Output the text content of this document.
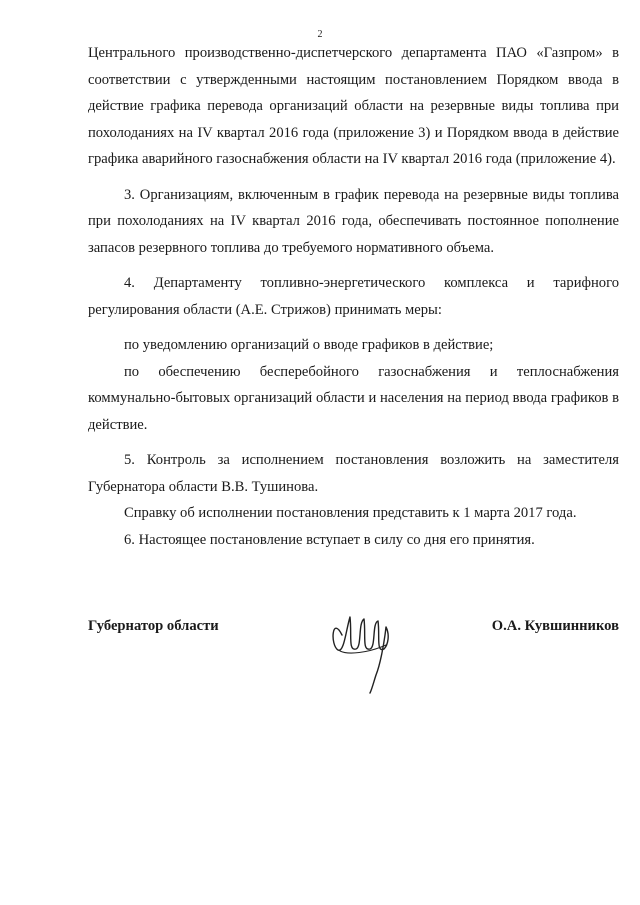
2

Центрального производственно-диспетчерского департамента ПАО «Газпром» в соответствии с утвержденными настоящим постановлением Порядком ввода в действие графика перевода организаций области на резервные виды топлива при похолоданиях на IV квартал 2016 года (приложение 3) и Порядком ввода в действие графика аварийного газоснабжения области на IV квартал 2016 года (приложение 4).

3. Организациям, включенным в график перевода на резервные виды топлива при похолоданиях на IV квартал 2016 года, обеспечивать постоянное пополнение запасов резервного топлива до требуемого нормативного объема.

4. Департаменту топливно-энергетического комплекса и тарифного регулирования области (А.Е. Стрижов) принимать меры:

по уведомлению организаций о вводе графиков в действие;

по обеспечению бесперебойного газоснабжения и теплоснабжения коммунально-бытовых организаций области и населения на период ввода графиков в действие.

5. Контроль за исполнением постановления возложить на заместителя Губернатора области В.В. Тушинова.

Справку об исполнении постановления представить к 1 марта 2017 года.

6. Настоящее постановление вступает в силу со дня его принятия.

Губернатор области	О.А. Кувшинников
